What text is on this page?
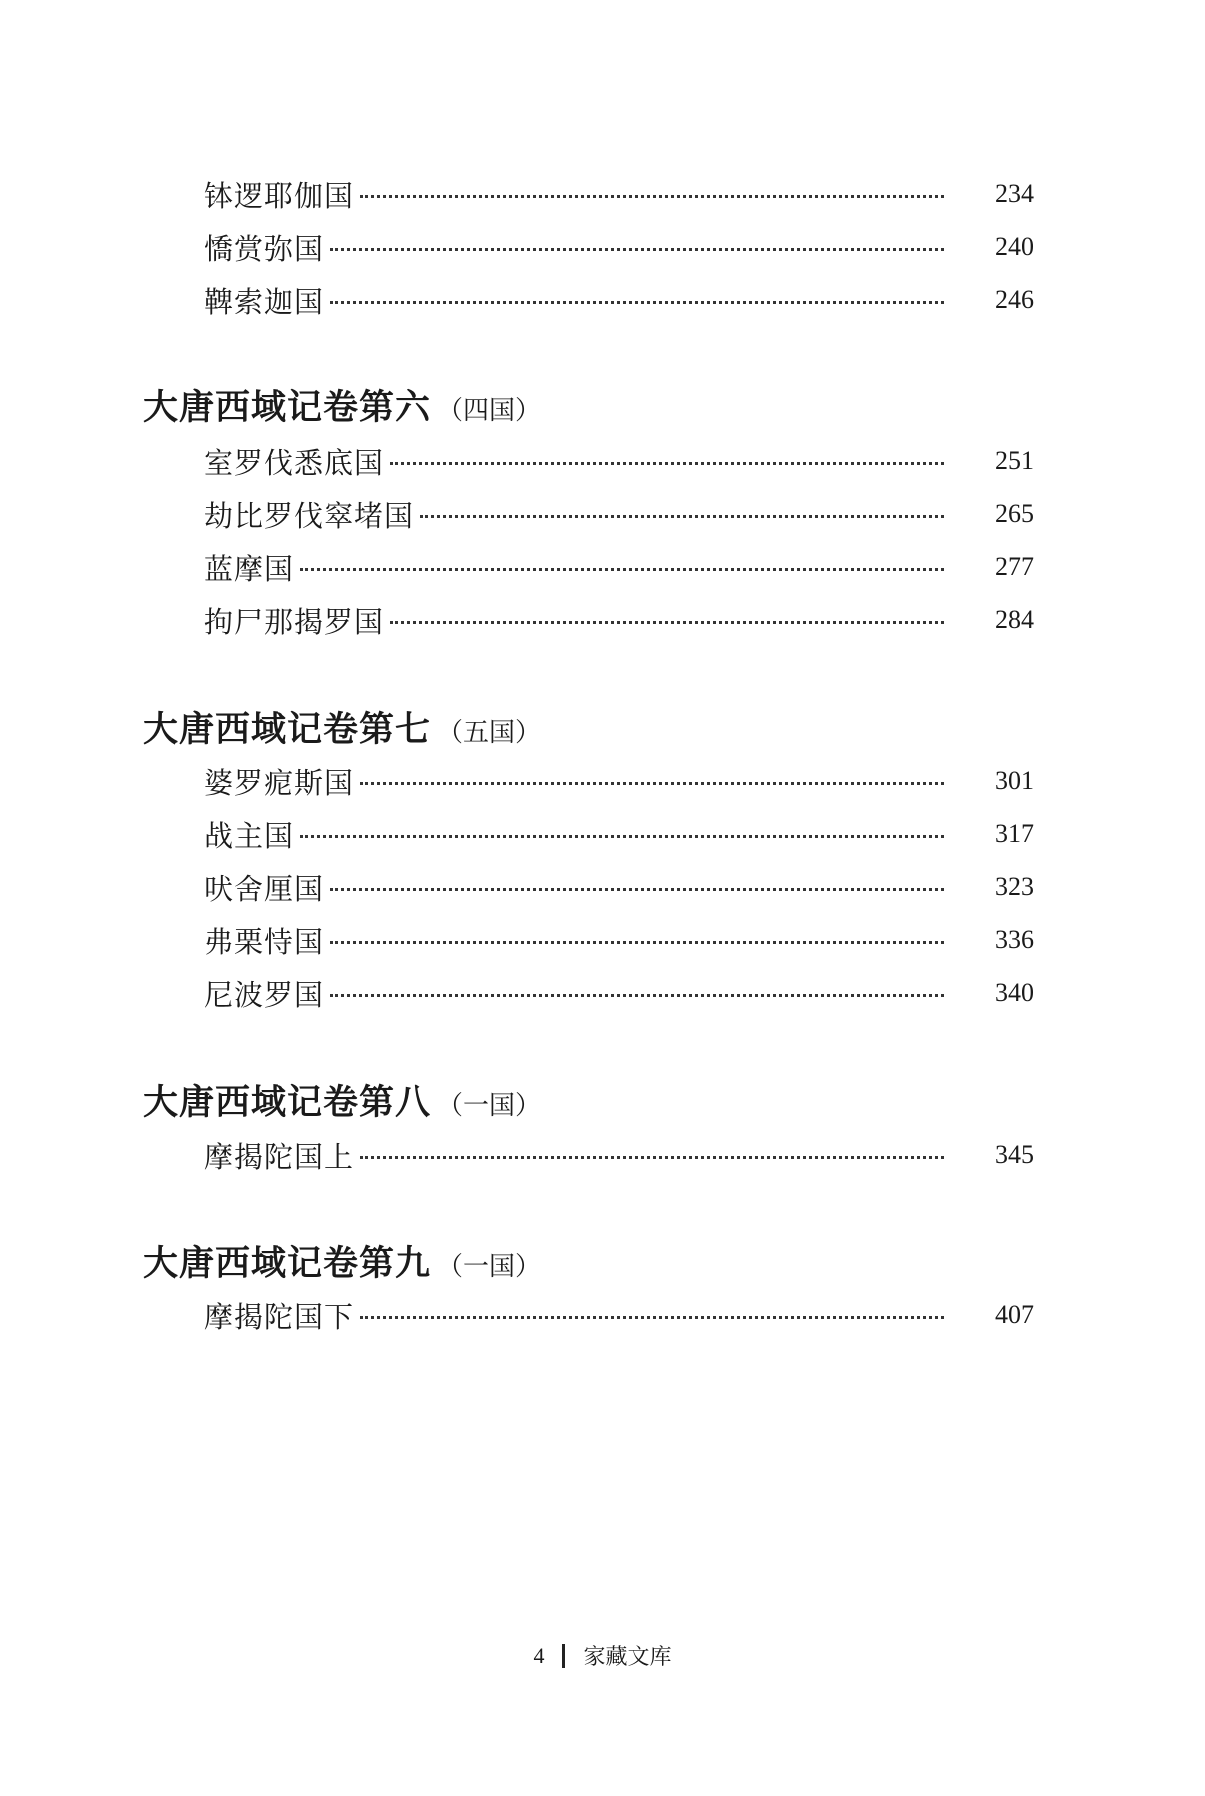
钵逻耶伽国	234
憍赏弥国	240
鞞索迦国	246
大唐西域记卷第六 （四国）
室罗伐悉底国	251
劫比罗伐窣堵国	265
蓝摩国	277
拘尸那揭罗国	284
大唐西域记卷第七 （五国）
婆罗痆斯国	301
战主国	317
吠舍厘国	323
弗栗恃国	336
尼波罗国	340
大唐西域记卷第八 （一国）
摩揭陀国上	345
大唐西域记卷第九 （一国）
摩揭陀国下	407
4 家藏文库
